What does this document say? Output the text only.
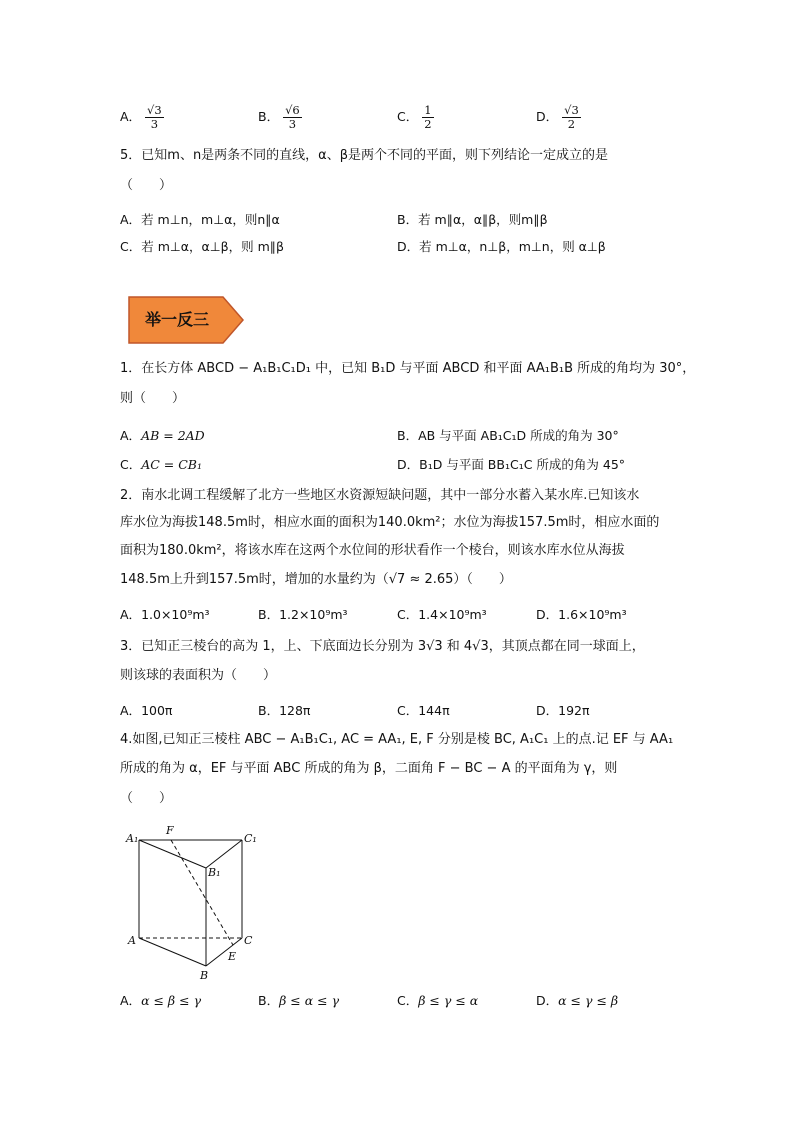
A． $\frac{√3}{3}$	B． $\frac{√6}{3}$	C． $\frac{1}{2}$	D． $\frac{√3}{2}$
5．已知m、n是两条不同的直线，α、β是两个不同的平面，则下列结论一定成立的是
（　　）
A．若 m⊥n，m⊥α，则n∥α	B．若 m∥α，α∥β，则m∥β
C．若 m⊥α，α⊥β，则 m∥β	D．若 m⊥α，n⊥β，m⊥n，则 α⊥β
举一反三
1．在长方体 ABCD − A₁B₁C₁D₁ 中，已知 B₁D 与平面 ABCD 和平面 AA₁B₁B 所成的角均为 30°，
则（　　）
A．AB = 2AD	B．AB 与平面 AB₁C₁D 所成的角为 30°
C．AC = CB₁	D．B₁D 与平面 BB₁C₁C 所成的角为 45°
2．南水北调工程缓解了北方一些地区水资源短缺问题，其中一部分水蓄入某水库.已知该水
库水位为海拔148.5m时，相应水面的面积为140.0km²；水位为海拔157.5m时，相应水面的
面积为180.0km²，将该水库在这两个水位间的形状看作一个棱台，则该水库水位从海拔
148.5m上升到157.5m时，增加的水量约为（√7 ≈ 2.65）（　　）
A．1.0×10⁹m³	B．1.2×10⁹m³	C．1.4×10⁹m³	D．1.6×10⁹m³
3．已知正三棱台的高为 1，上、下底面边长分别为 3√3 和 4√3，其顶点都在同一球面上，
则该球的表面积为（　　）
A．100π	B．128π	C．144π	D．192π
4.如图,已知正三棱柱 ABC − A₁B₁C₁, AC = AA₁, E, F 分别是棱 BC, A₁C₁ 上的点.记 EF 与 AA₁
所成的角为 α，EF 与平面 ABC 所成的角为 β，二面角 F − BC − A 的平面角为 γ，则
（　　）
A₁
F
C₁
B₁
A	C
E
B
A．α ≤ β ≤ γ	B．β ≤ α ≤ γ	C．β ≤ γ ≤ α	D．α ≤ γ ≤ β
